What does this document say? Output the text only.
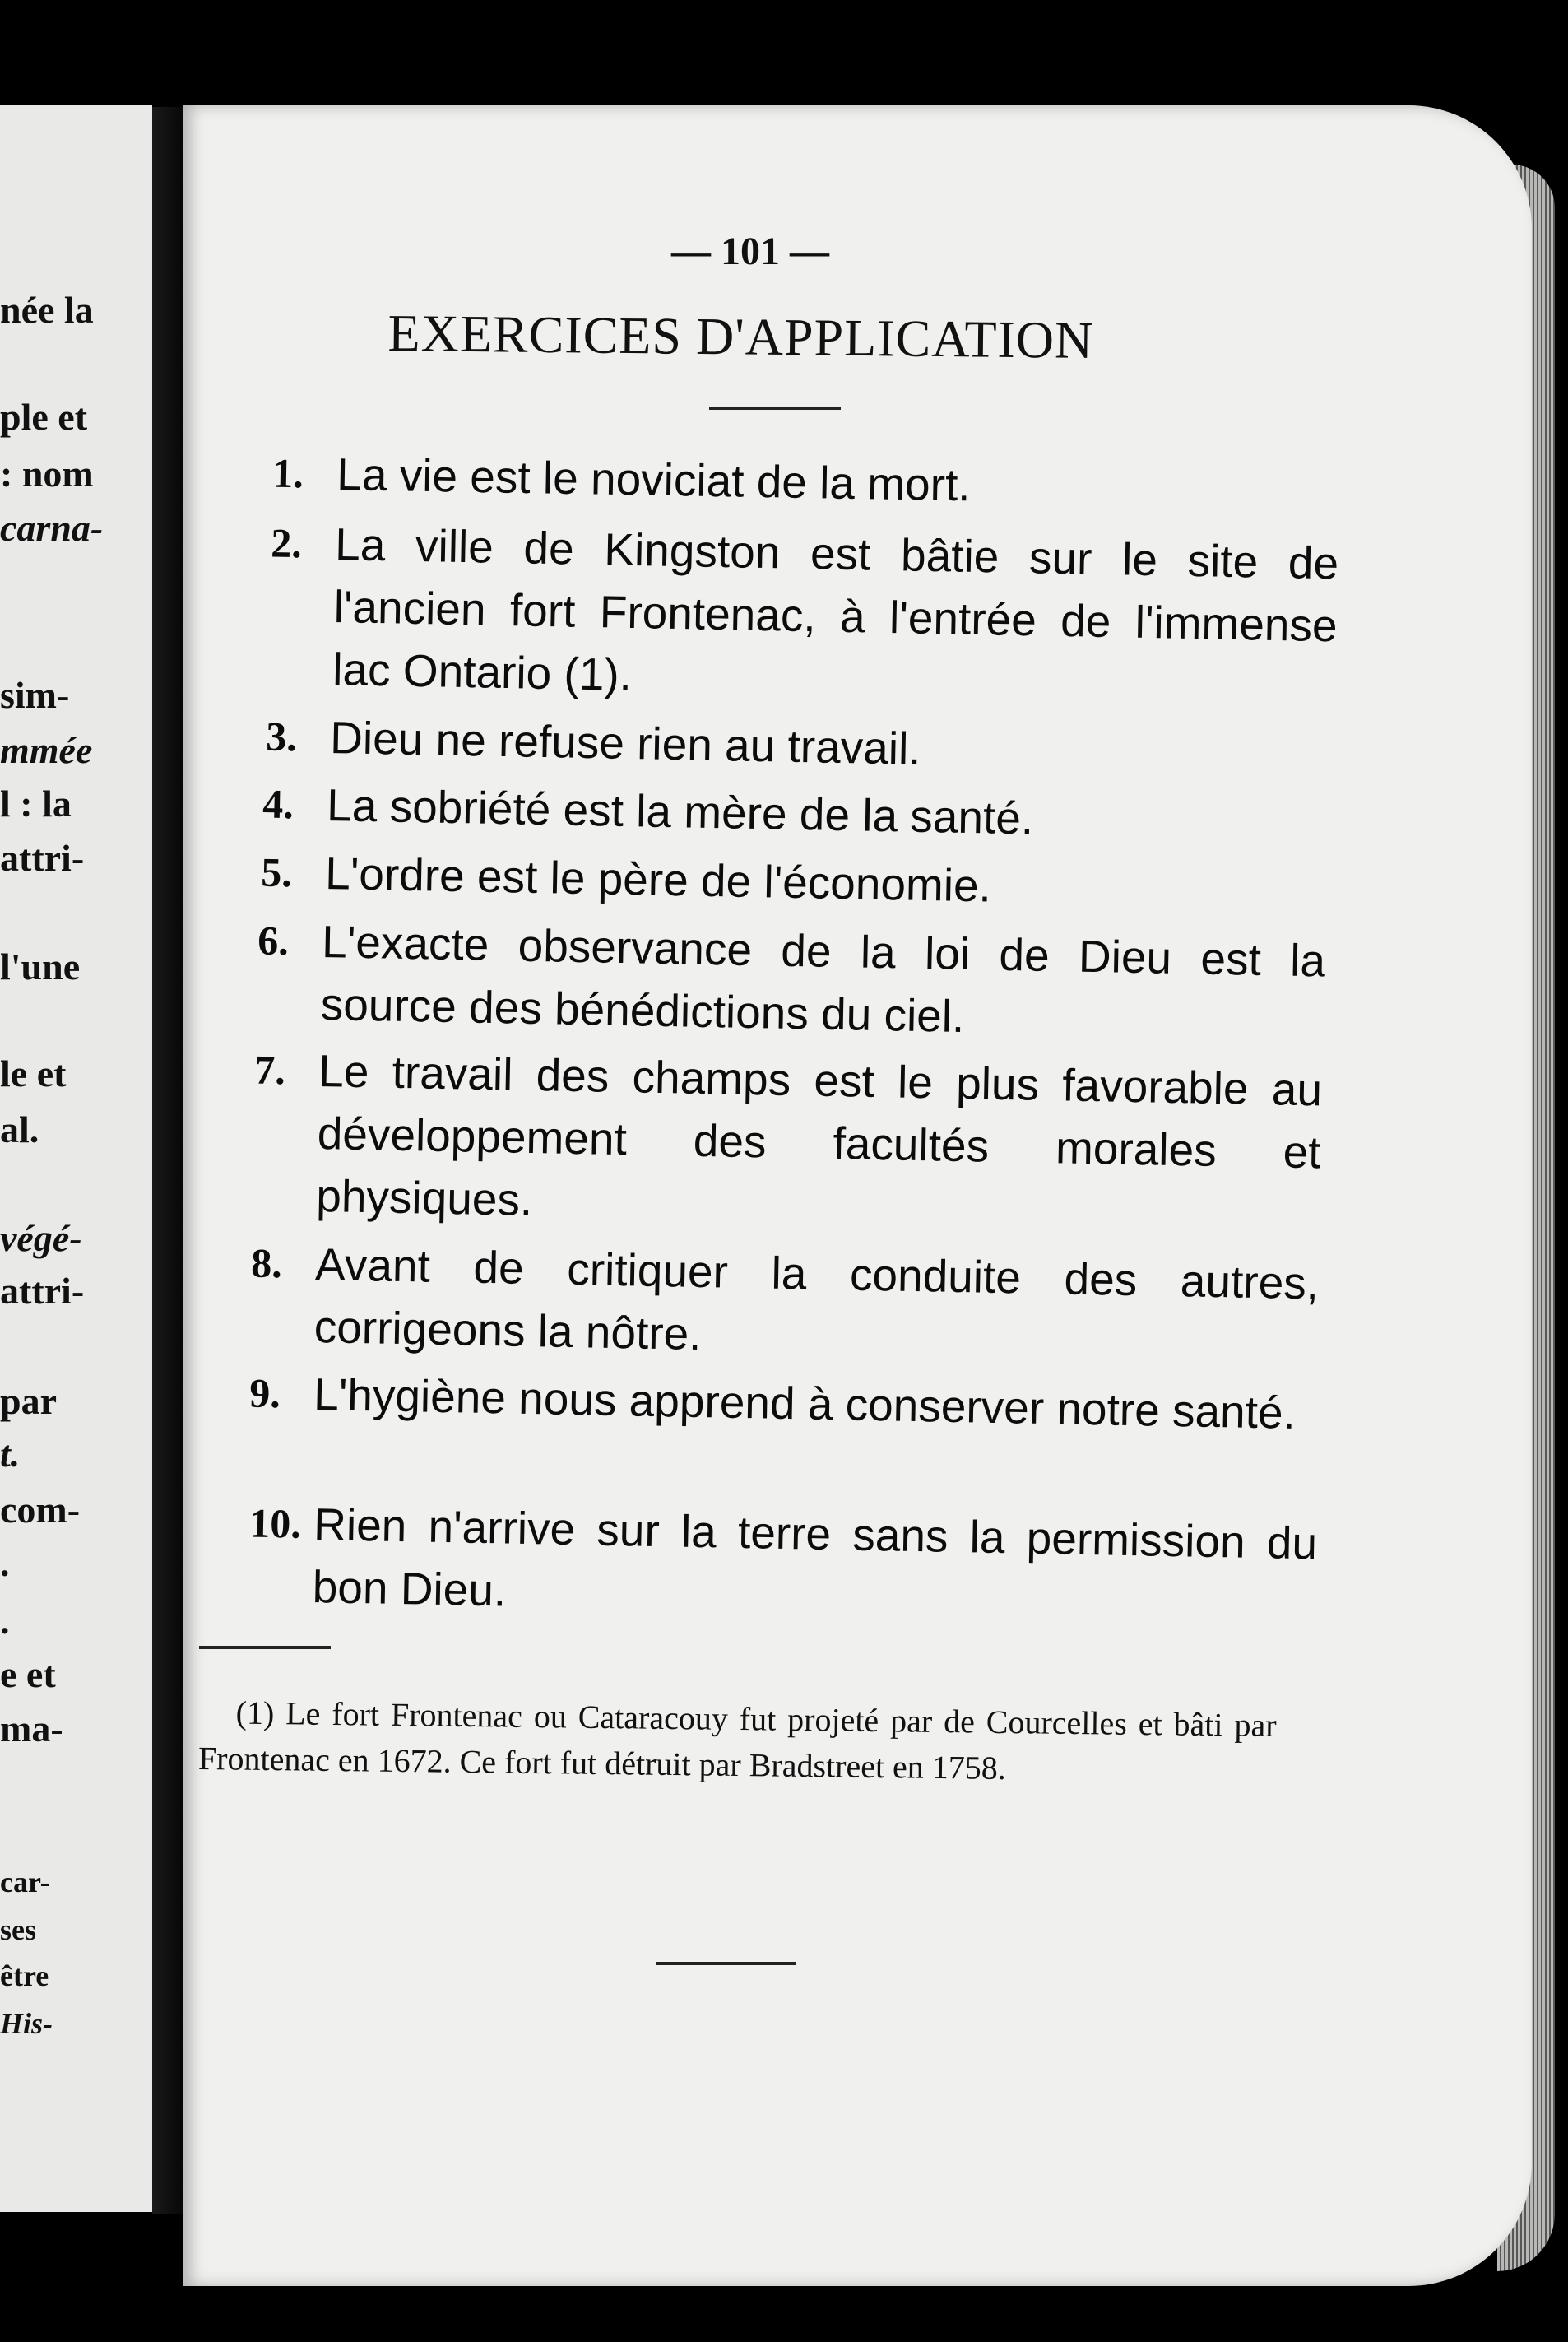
née la
ple et
: nom
carna-
sim-
mmée
l : la
attri-
l'une
le et
al.
végé-
attri-
par
t.
com-
.
.
e et
ma-
car-
ses
être
His-
— 101 —
EXERCICES D'APPLICATION
1. La vie est le noviciat de la mort.
2. La ville de Kingston est bâtie sur le site de l'ancien fort Frontenac, à l'entrée de l'immense lac Ontario (1).
3. Dieu ne refuse rien au travail.
4. La sobriété est la mère de la santé.
5. L'ordre est le père de l'économie.
6. L'exacte observance de la loi de Dieu est la source des bénédictions du ciel.
7. Le travail des champs est le plus favorable au développement des facultés morales et physiques.
8. Avant de critiquer la conduite des autres, corrigeons la nôtre.
9. L'hygiène nous apprend à conserver notre santé.
10. Rien n'arrive sur la terre sans la permission du bon Dieu.
(1) Le fort Frontenac ou Cataracouy fut projeté par de Courcelles et bâti par Frontenac en 1672. Ce fort fut détruit par Bradstreet en 1758.
